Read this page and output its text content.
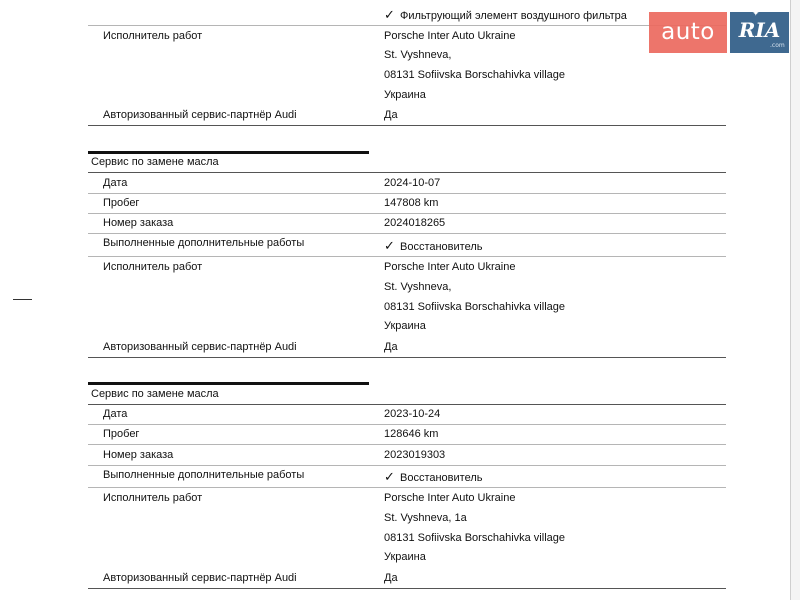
✓ Фильтрующий элемент воздушного фильтра
Исполнитель работ	Porsche Inter Auto Ukraine
St. Vyshneva,
08131 Sofiivska Borschahivka village
Украина
Авторизованный сервис-партнёр Audi	Да
Сервис по замене масла
Дата	2024-10-07
Пробег	147808 km
Номер заказа	2024018265
Выполненные дополнительные работы	✓ Восстановитель
Исполнитель работ	Porsche Inter Auto Ukraine
St. Vyshneva,
08131 Sofiivska Borschahivka village
Украина
Авторизованный сервис-партнёр Audi	Да
Сервис по замене масла
Дата	2023-10-24
Пробег	128646 km
Номер заказа	2023019303
Выполненные дополнительные работы	✓ Восстановитель
Исполнитель работ	Porsche Inter Auto Ukraine
St. Vyshneva, 1a
08131 Sofiivska Borschahivka village
Украина
Авторизованный сервис-партнёр Audi	Да
auto	RIA
✦
.com
